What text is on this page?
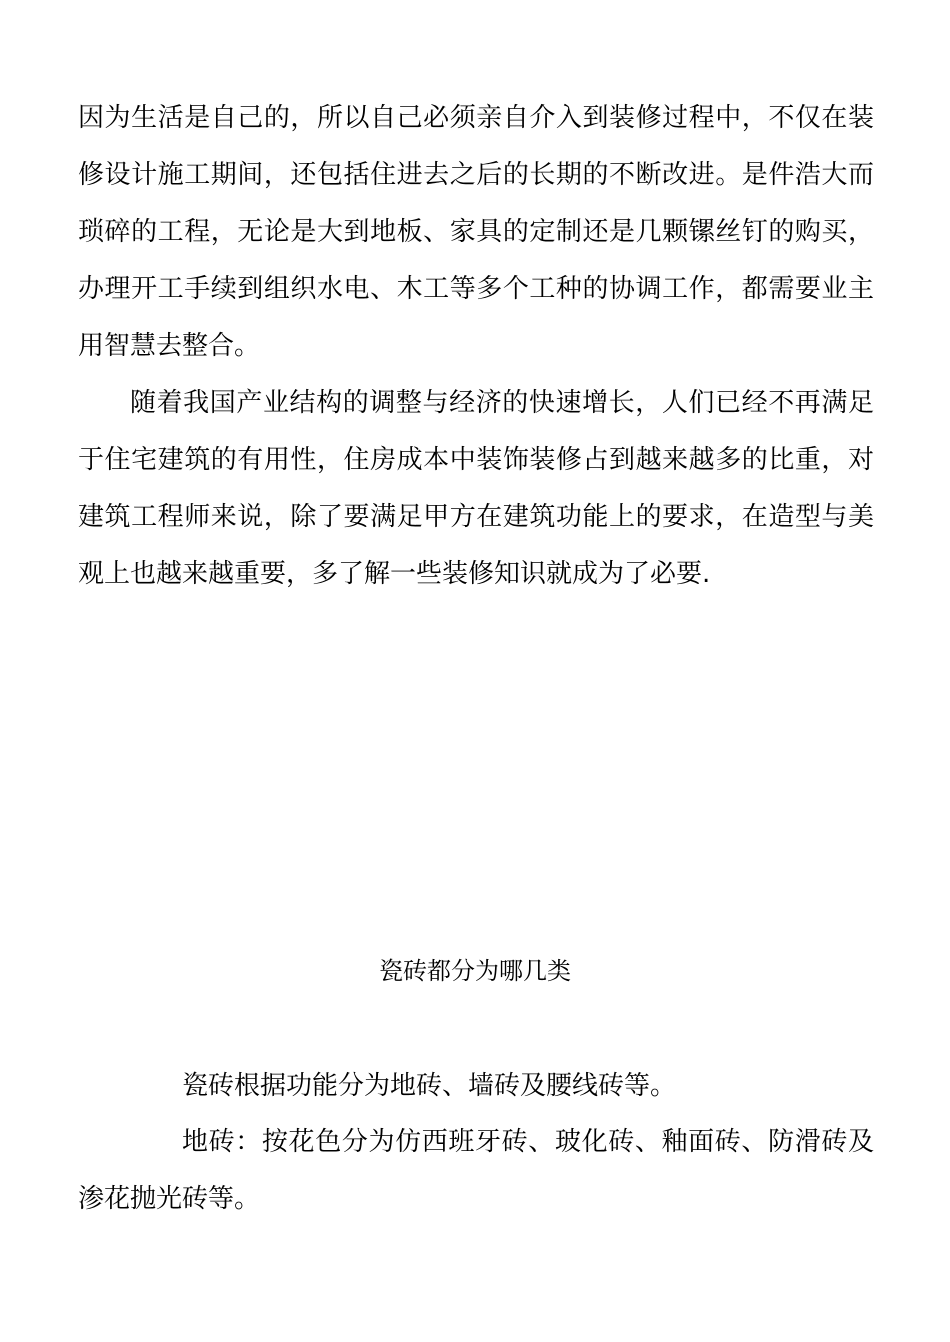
因为生活是自己的，所以自己必须亲自介入到装修过程中，不仅在装修设计施工期间，还包括住进去之后的长期的不断改进。是件浩大而琐碎的工程，无论是大到地板、家具的定制还是几颗镙丝钉的购买，办理开工手续到组织水电、木工等多个工种的协调工作，都需要业主用智慧去整合。

随着我国产业结构的调整与经济的快速增长，人们已经不再满足于住宅建筑的有用性，住房成本中装饰装修占到越来越多的比重，对建筑工程师来说，除了要满足甲方在建筑功能上的要求，在造型与美观上也越来越重要，多了解一些装修知识就成为了必要.

瓷砖都分为哪几类

瓷砖根据功能分为地砖、墙砖及腰线砖等。

地砖：按花色分为仿西班牙砖、玻化砖、釉面砖、防滑砖及渗花抛光砖等。
